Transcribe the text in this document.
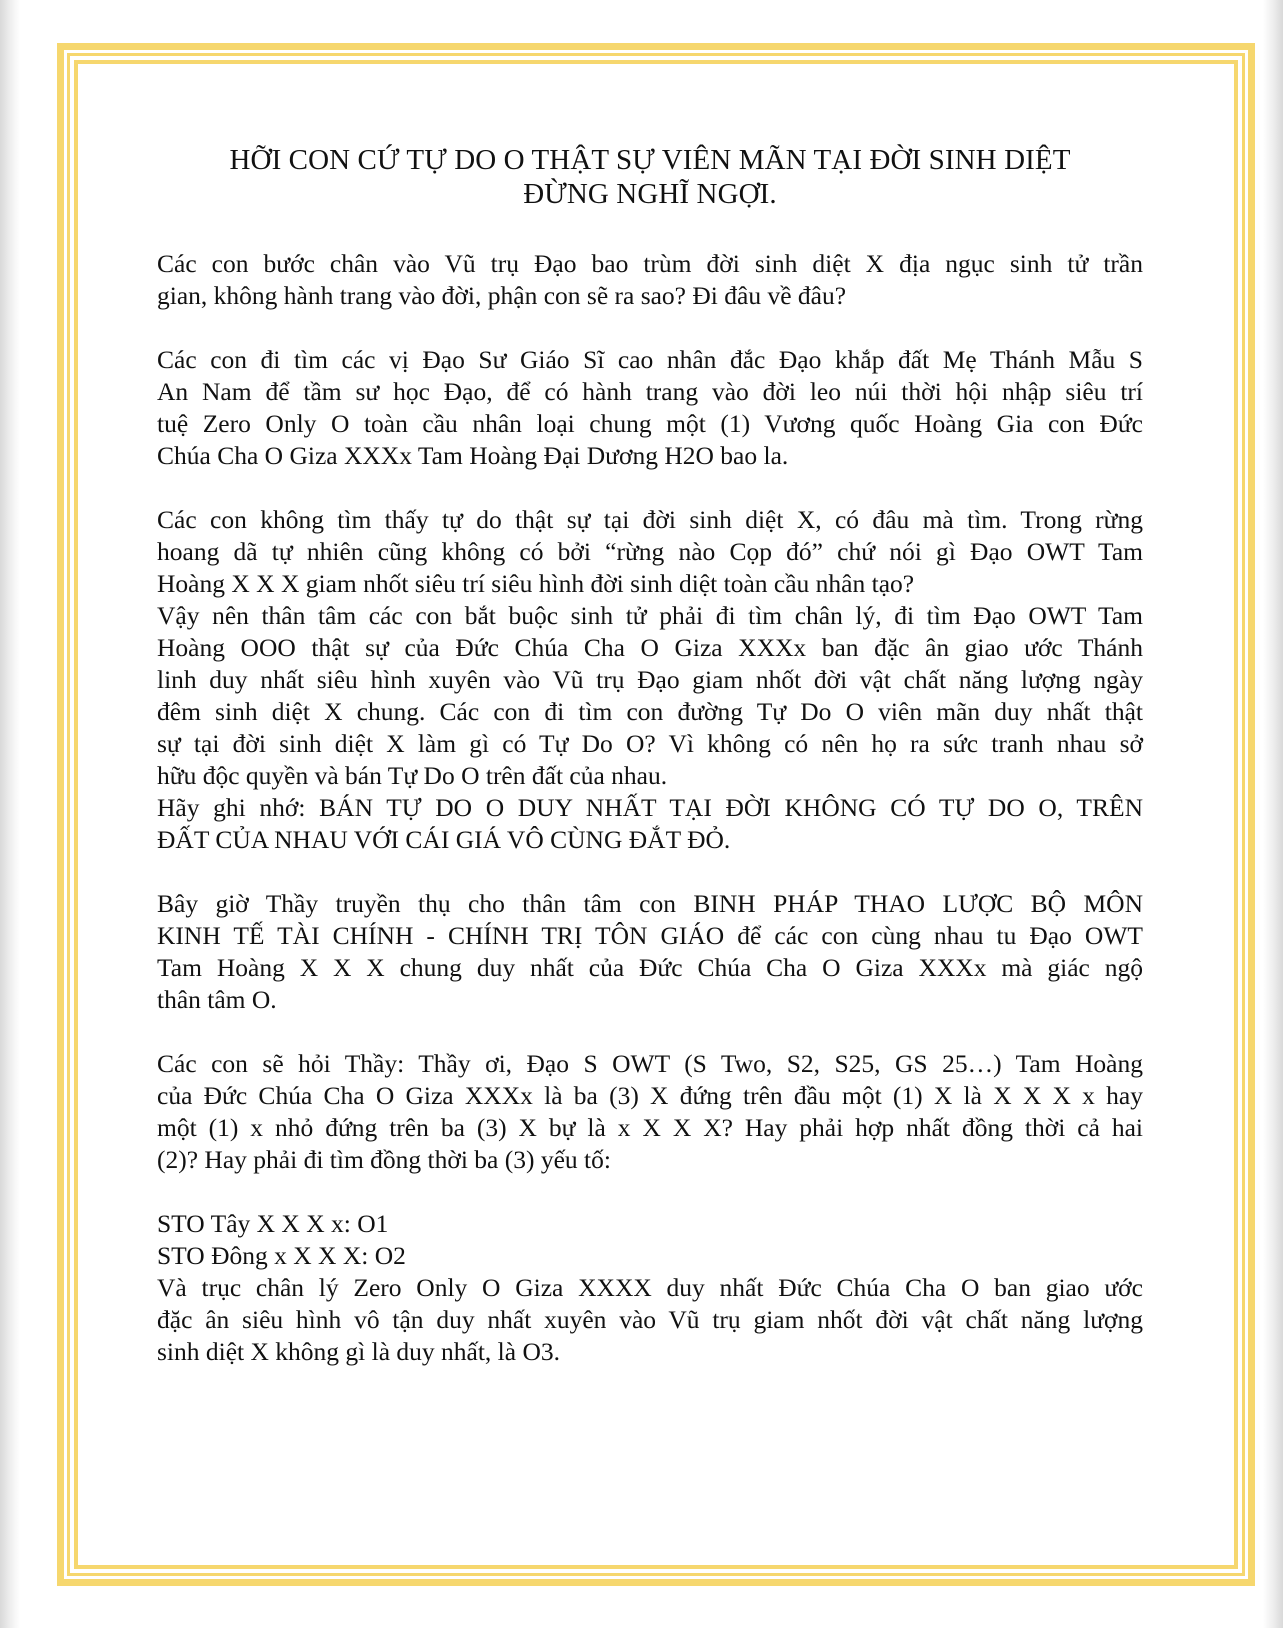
HỠI CON CỨ TỰ DO O THẬT SỰ VIÊN MÃN TẠI ĐỜI SINH DIỆT
ĐỪNG NGHĨ NGỢI.

Các con bước chân vào Vũ trụ Đạo bao trùm đời sinh diệt X địa ngục sinh tử trần
gian, không hành trang vào đời, phận con sẽ ra sao? Đi đâu về đâu?

Các con đi tìm các vị Đạo Sư Giáo Sĩ cao nhân đắc Đạo khắp đất Mẹ Thánh Mẫu S
An Nam để tầm sư học Đạo, để có hành trang vào đời leo núi thời hội nhập siêu trí
tuệ Zero Only O toàn cầu nhân loại chung một (1) Vương quốc Hoàng Gia con Đức
Chúa Cha O Giza XXXx Tam Hoàng Đại Dương H2O bao la.

Các con không tìm thấy tự do thật sự tại đời sinh diệt X, có đâu mà tìm. Trong rừng
hoang dã tự nhiên cũng không có bởi “rừng nào Cọp đó” chứ nói gì Đạo OWT Tam
Hoàng X X X giam nhốt siêu trí siêu hình đời sinh diệt toàn cầu nhân tạo?

Vậy nên thân tâm các con bắt buộc sinh tử phải đi tìm chân lý, đi tìm Đạo OWT Tam
Hoàng OOO thật sự của Đức Chúa Cha O Giza XXXx ban đặc ân giao ước Thánh
linh duy nhất siêu hình xuyên vào Vũ trụ Đạo giam nhốt đời vật chất năng lượng ngày
đêm sinh diệt X chung. Các con đi tìm con đường Tự Do O viên mãn duy nhất thật
sự tại đời sinh diệt X làm gì có Tự Do O? Vì không có nên họ ra sức tranh nhau sở
hữu độc quyền và bán Tự Do O trên đất của nhau.

Hãy ghi nhớ: BÁN TỰ DO O DUY NHẤT TẠI ĐỜI KHÔNG CÓ TỰ DO O, TRÊN
ĐẤT CỦA NHAU VỚI CÁI GIÁ VÔ CÙNG ĐẮT ĐỎ.

Bây giờ Thầy truyền thụ cho thân tâm con BINH PHÁP THAO LƯỢC BỘ MÔN
KINH TẾ TÀI CHÍNH - CHÍNH TRỊ TÔN GIÁO để các con cùng nhau tu Đạo OWT
Tam Hoàng X X X chung duy nhất của Đức Chúa Cha O Giza XXXx mà giác ngộ
thân tâm O.

Các con sẽ hỏi Thầy: Thầy ơi, Đạo S OWT (S Two, S2, S25, GS 25…) Tam Hoàng
của Đức Chúa Cha O Giza XXXx là ba (3) X đứng trên đầu một (1) X là X X X x hay
một (1) x nhỏ đứng trên ba (3) X bự là x X X X? Hay phải hợp nhất đồng thời cả hai
(2)? Hay phải đi tìm đồng thời ba (3) yếu tố:

STO Tây X X X x: O1
STO Đông x X X X: O2

Và trục chân lý Zero Only O Giza XXXX duy nhất Đức Chúa Cha O ban giao ước
đặc ân siêu hình vô tận duy nhất xuyên vào Vũ trụ giam nhốt đời vật chất năng lượng
sinh diệt X không gì là duy nhất, là O3.
